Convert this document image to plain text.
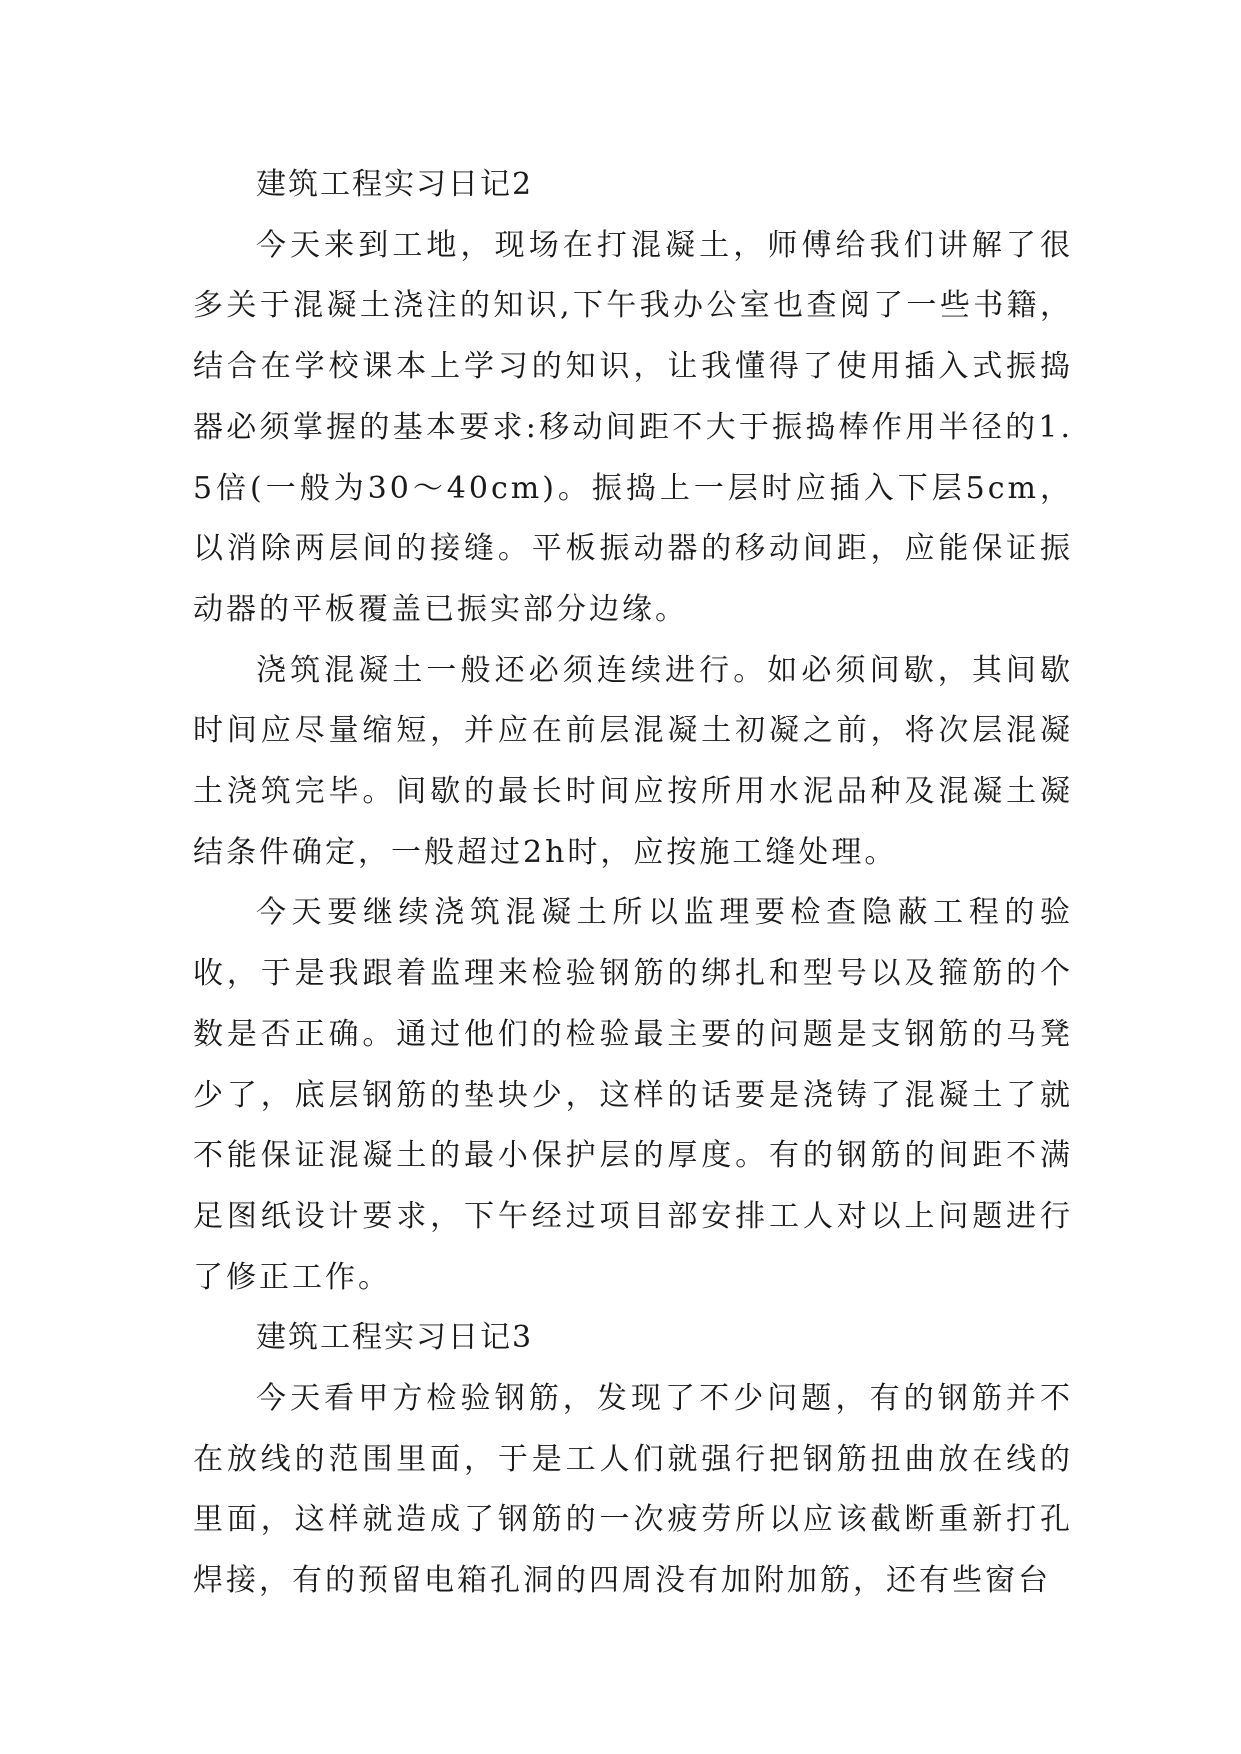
建筑工程实习日记2

今天来到工地，现场在打混凝土，师傅给我们讲解了很多关于混凝土浇注的知识,下午我办公室也查阅了一些书籍，结合在学校课本上学习的知识，让我懂得了使用插入式振捣器必须掌握的基本要求:移动间距不大于振捣棒作用半径的1.5倍(一般为30～40cm)。振捣上一层时应插入下层5cm，以消除两层间的接缝。平板振动器的移动间距，应能保证振动器的平板覆盖已振实部分边缘。

浇筑混凝土一般还必须连续进行。如必须间歇，其间歇时间应尽量缩短，并应在前层混凝土初凝之前，将次层混凝土浇筑完毕。间歇的最长时间应按所用水泥品种及混凝土凝结条件确定，一般超过2h时，应按施工缝处理。

今天要继续浇筑混凝土所以监理要检查隐蔽工程的验收，于是我跟着监理来检验钢筋的绑扎和型号以及箍筋的个数是否正确。通过他们的检验最主要的问题是支钢筋的马凳少了，底层钢筋的垫块少，这样的话要是浇铸了混凝土了就不能保证混凝土的最小保护层的厚度。有的钢筋的间距不满足图纸设计要求，下午经过项目部安排工人对以上问题进行了修正工作。

建筑工程实习日记3

今天看甲方检验钢筋，发现了不少问题，有的钢筋并不在放线的范围里面，于是工人们就强行把钢筋扭曲放在线的里面，这样就造成了钢筋的一次疲劳所以应该截断重新打孔焊接，有的预留电箱孔洞的四周没有加附加筋，还有些窗台
